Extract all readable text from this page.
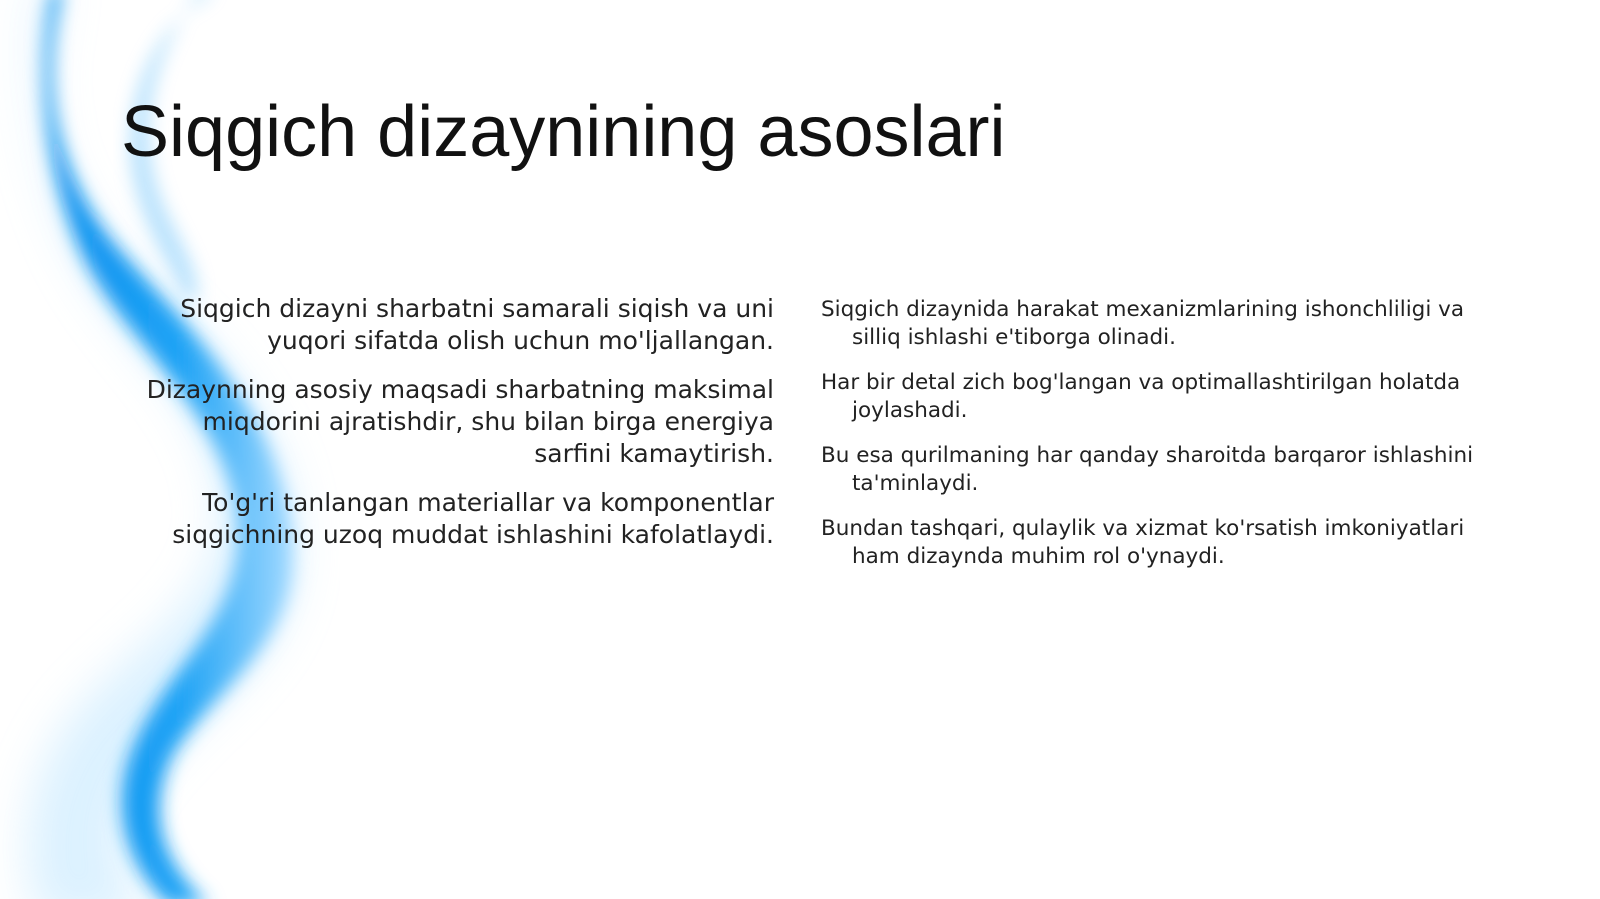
Siqgich dizaynining asoslari

Siqgich dizayni sharbatni samarali siqish va uni yuqori sifatda olish uchun mo'ljallangan.

Dizaynning asosiy maqsadi sharbatning maksimal miqdorini ajratishdir, shu bilan birga energiya sarfini kamaytirish.

To'g'ri tanlangan materiallar va komponentlar siqgichning uzoq muddat ishlashini kafolatlaydi.

Siqgich dizaynida harakat mexanizmlarining ishonchliligi va silliq ishlashi e'tiborga olinadi.

Har bir detal zich bog'langan va optimallashtirilgan holatda joylashadi.

Bu esa qurilmaning har qanday sharoitda barqaror ishlashini ta'minlaydi.

Bundan tashqari, qulaylik va xizmat ko'rsatish imkoniyatlari ham dizaynda muhim rol o'ynaydi.
